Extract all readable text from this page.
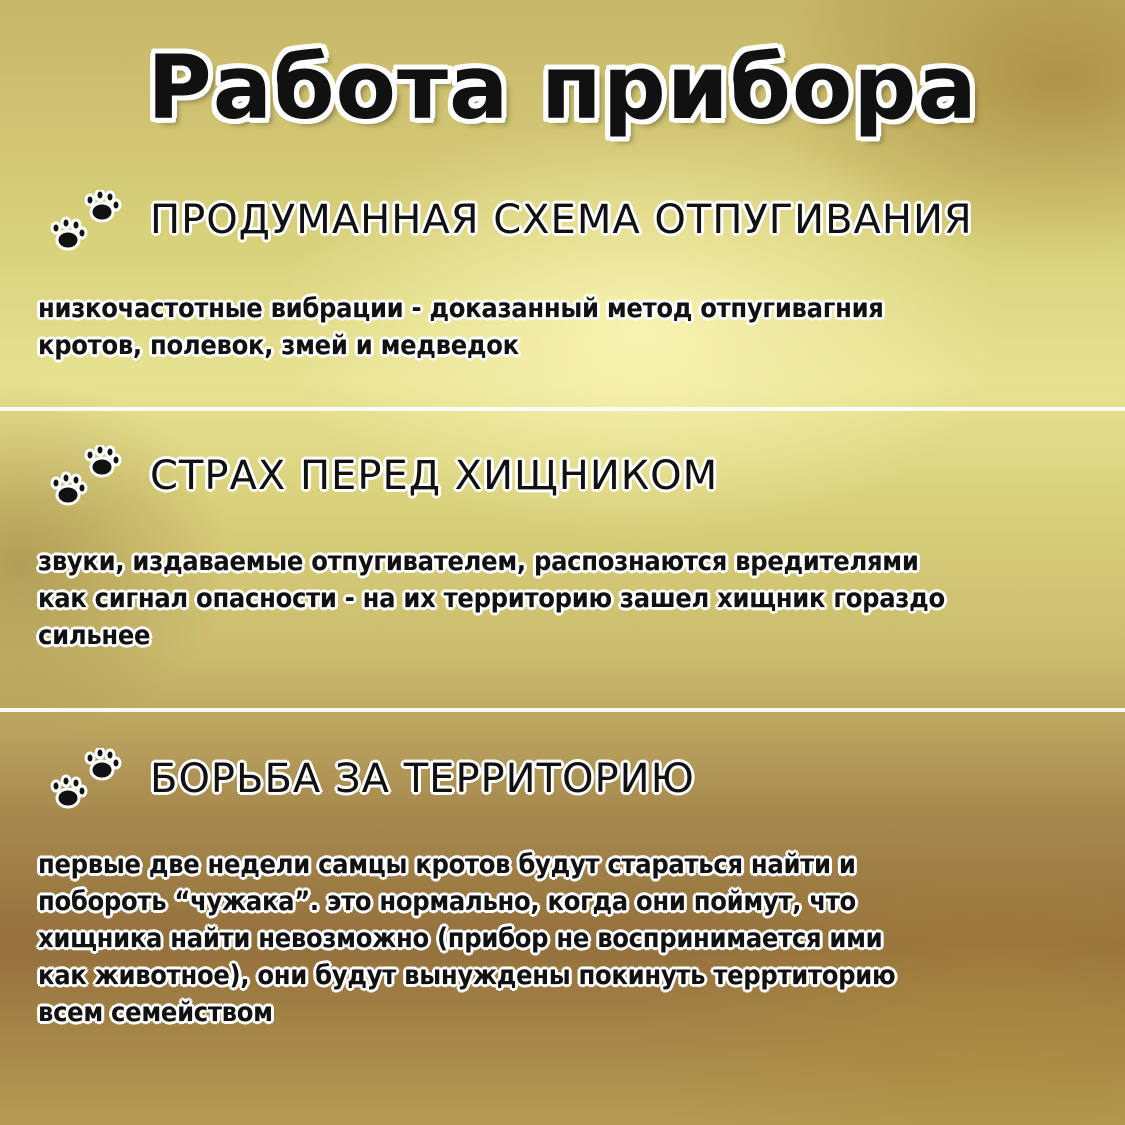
Работа прибора
ПРОДУМАННАЯ СХЕМА ОТПУГИВАНИЯ
низкочастотные вибрации - доказанный метод отпугивагния
кротов, полевок, змей и медведок
СТРАХ ПЕРЕД ХИЩНИКОМ
звуки, издаваемые отпугивателем, распознаются вредителями
как сигнал опасности - на их территорию зашел хищник гораздо
сильнее
БОРЬБА ЗА ТЕРРИТОРИЮ
первые две недели самцы кротов будут стараться найти и
побороть “чужака”. это нормально, когда они поймут, что
хищника найти невозможно (прибор не воспринимается ими
как животное), они будут вынуждены покинуть терртиторию
всем семейством
